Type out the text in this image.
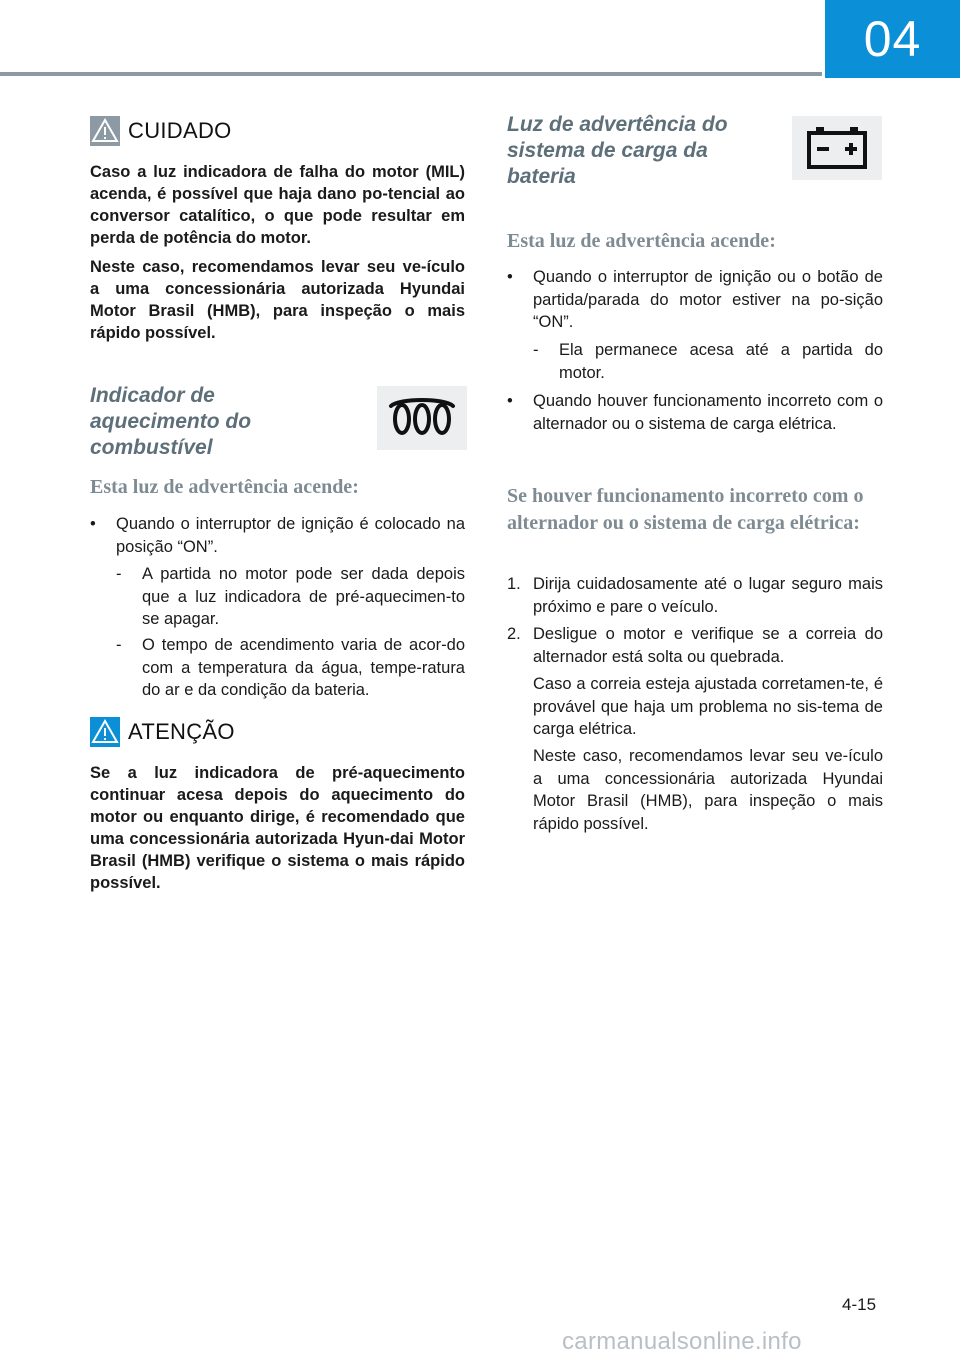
04
CUIDADO

Caso a luz indicadora de falha do motor (MIL) acenda, é possível que haja dano po-tencial ao conversor catalítico, o que pode resultar em perda de potência do motor.

Neste caso, recomendamos levar seu ve-ículo a uma concessionária autorizada Hyundai Motor Brasil (HMB), para inspeção o mais rápido possível.

Indicador de aquecimento do combustível
Esta luz de advertência acende:
• Quando o interruptor de ignição é colocado na posição “ON”.
- A partida no motor pode ser dada depois que a luz indicadora de pré-aquecimen-to se apagar.
- O tempo de acendimento varia de acor-do com a temperatura da água, tempe-ratura do ar e da condição da bateria.
ATENÇÃO

Se a luz indicadora de pré-aquecimento continuar acesa depois do aquecimento do motor ou enquanto dirige, é recomendado que uma concessionária autorizada Hyun-dai Motor Brasil (HMB) verifique o sistema o mais rápido possível.

Luz de advertência do sistema de carga da bateria
Esta luz de advertência acende:
• Quando o interruptor de ignição ou o botão de partida/parada do motor estiver na po-sição “ON”.
- Ela permanece acesa até a partida do motor.
• Quando houver funcionamento incorreto com o alternador ou o sistema de carga elétrica.
Se houver funcionamento incorreto com o alternador ou o sistema de carga elétrica:
1. Dirija cuidadosamente até o lugar seguro mais próximo e pare o veículo.
2. Desligue o motor e verifique se a correia do alternador está solta ou quebrada.

Caso a correia esteja ajustada corretamen-te, é provável que haja um problema no sis-tema de carga elétrica.

Neste caso, recomendamos levar seu ve-ículo a uma concessionária autorizada Hyundai Motor Brasil (HMB), para inspeção o mais rápido possível.

4-15
carmanualsonline.info
